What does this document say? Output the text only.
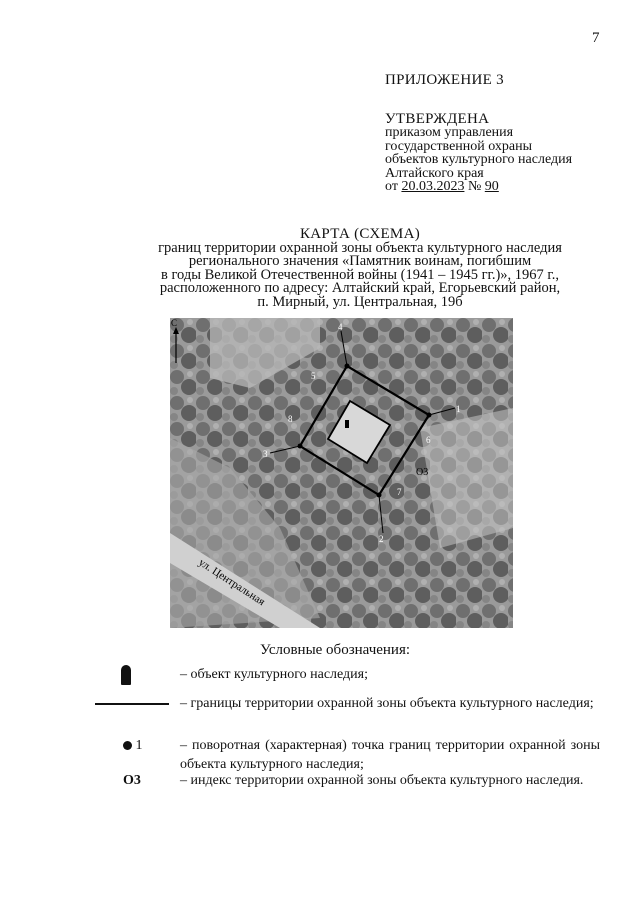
7
ПРИЛОЖЕНИЕ 3
УТВЕРЖДЕНА
приказом управления
государственной охраны
объектов культурного наследия
Алтайского края
от 20.03.2023 № 90
КАРТА (СХЕМА)
границ территории охранной зоны объекта культурного наследия
регионального значения «Памятник воинам, погибшим
в годы Великой Отечественной войны (1941 – 1945 гг.)», 1967 г.,
расположенного по адресу: Алтайский край, Егорьевский район,
п. Мирный, ул. Центральная, 19б
С	4
1
2
3
5
6
7
8
О3
ул. Центральная
Условные обозначения:
– объект культурного наследия;
– границы территории охранной зоны объекта культурного наследия;
1	– поворотная (характерная) точка границ территории охранной зоны объекта культурного наследия;
О3	– индекс территории охранной зоны объекта культурного наследия.
